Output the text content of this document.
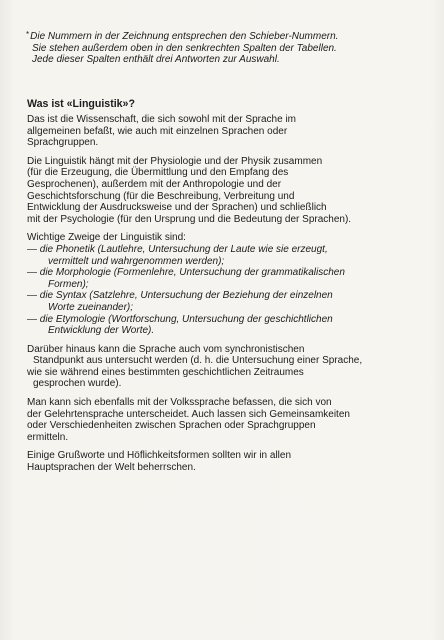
*Die Nummern in der Zeichnung entsprechen den Schieber-Nummern.
Sie stehen außerdem oben in den senkrechten Spalten der Tabellen.
Jede dieser Spalten enthält drei Antworten zur Auswahl.
Was ist «Linguistik»?

Das ist die Wissenschaft, die sich sowohl mit der Sprache im
allgemeinen befaßt, wie auch mit einzelnen Sprachen oder
Sprachgruppen.

Die Linguistik hängt mit der Physiologie und der Physik zusammen
(für die Erzeugung, die Übermittlung und den Empfang des
Gesprochenen), außerdem mit der Anthropologie und der
Geschichtsforschung (für die Beschreibung, Verbreitung und
Entwicklung der Ausdrucksweise und der Sprachen) und schließlich
mit der Psychologie (für den Ursprung und die Bedeutung der Sprachen).

Wichtige Zweige der Linguistik sind:
— die Phonetik (Lautlehre, Untersuchung der Laute wie sie erzeugt,
vermittelt und wahrgenommen werden);
— die Morphologie (Formenlehre, Untersuchung der grammatikalischen
Formen);
— die Syntax (Satzlehre, Untersuchung der Beziehung der einzelnen
Worte zueinander);
— die Etymologie (Wortforschung, Untersuchung der geschichtlichen
Entwicklung der Worte).

Darüber hinaus kann die Sprache auch vom synchronistischen
Standpunkt aus untersucht werden (d. h. die Untersuchung einer Sprache,
wie sie während eines bestimmten geschichtlichen Zeitraumes
gesprochen wurde).

Man kann sich ebenfalls mit der Volkssprache befassen, die sich von
der Gelehrtensprache unterscheidet. Auch lassen sich Gemeinsamkeiten
oder Verschiedenheiten zwischen Sprachen oder Sprachgruppen
ermitteln.

Einige Grußworte und Höflichkeitsformen sollten wir in allen
Hauptsprachen der Welt beherrschen.
